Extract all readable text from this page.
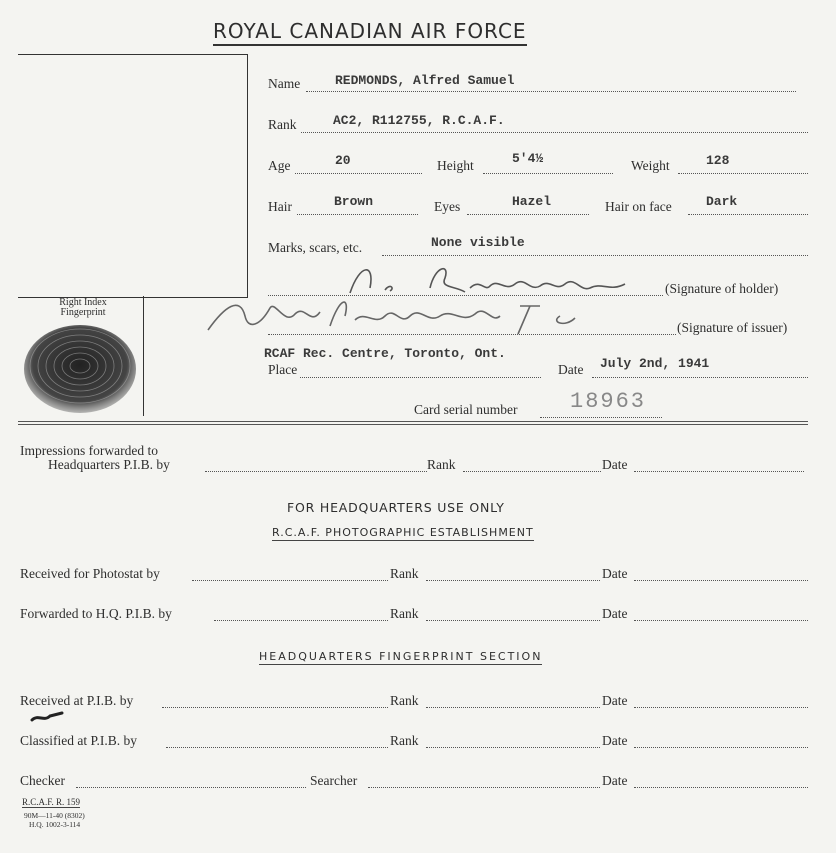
ROYAL CANADIAN AIR FORCE
Right Index
Fingerprint
Name	REDMONDS, Alfred Samuel
Rank	AC2, R112755, R.C.A.F.
Age	20	Height	5'4½	Weight	128
Hair	Brown	Eyes	Hazel	Hair on face	Dark
Marks, scars, etc.	None visible
(Signature of holder)
(Signature of issuer)
RCAF Rec. Centre, Toronto, Ont.
Place	Date July 2nd, 1941
Card serial number 18963
Impressions forwarded to
Headquarters P.I.B. by	Rank	Date
FOR HEADQUARTERS USE ONLY
R.C.A.F. PHOTOGRAPHIC ESTABLISHMENT
Received for Photostat by	Rank	Date
Forwarded to H.Q. P.I.B. by	Rank	Date
HEADQUARTERS FINGERPRINT SECTION
Received at P.I.B. by	Rank	Date
Classified at P.I.B. by	Rank	Date
Checker	Searcher	Date
R.C.A.F. R. 159
90M—11-40 (8302)
H.Q. 1002-3-114
